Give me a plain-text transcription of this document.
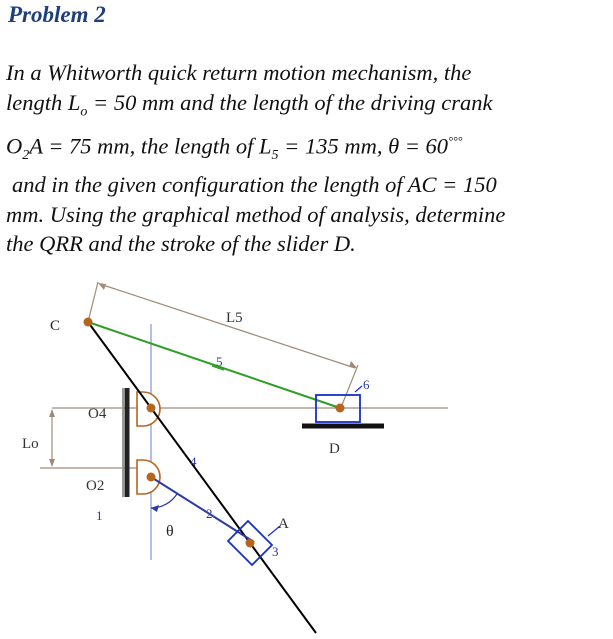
Problem 2
In a Whitworth quick return motion mechanism, the
length $L_o = 50$ mm and the length of the driving crank
$O_2A = 75$ mm, the length of $L_5 = 135$ mm, θ = 60°°°
and in the given configuration the length of AC = 150
mm. Using the graphical method of analysis, determine
the QRR and the stroke of the slider D.
C	L5
O4
Lo
O2
D
A
θ
1	2
3
4
5
6
